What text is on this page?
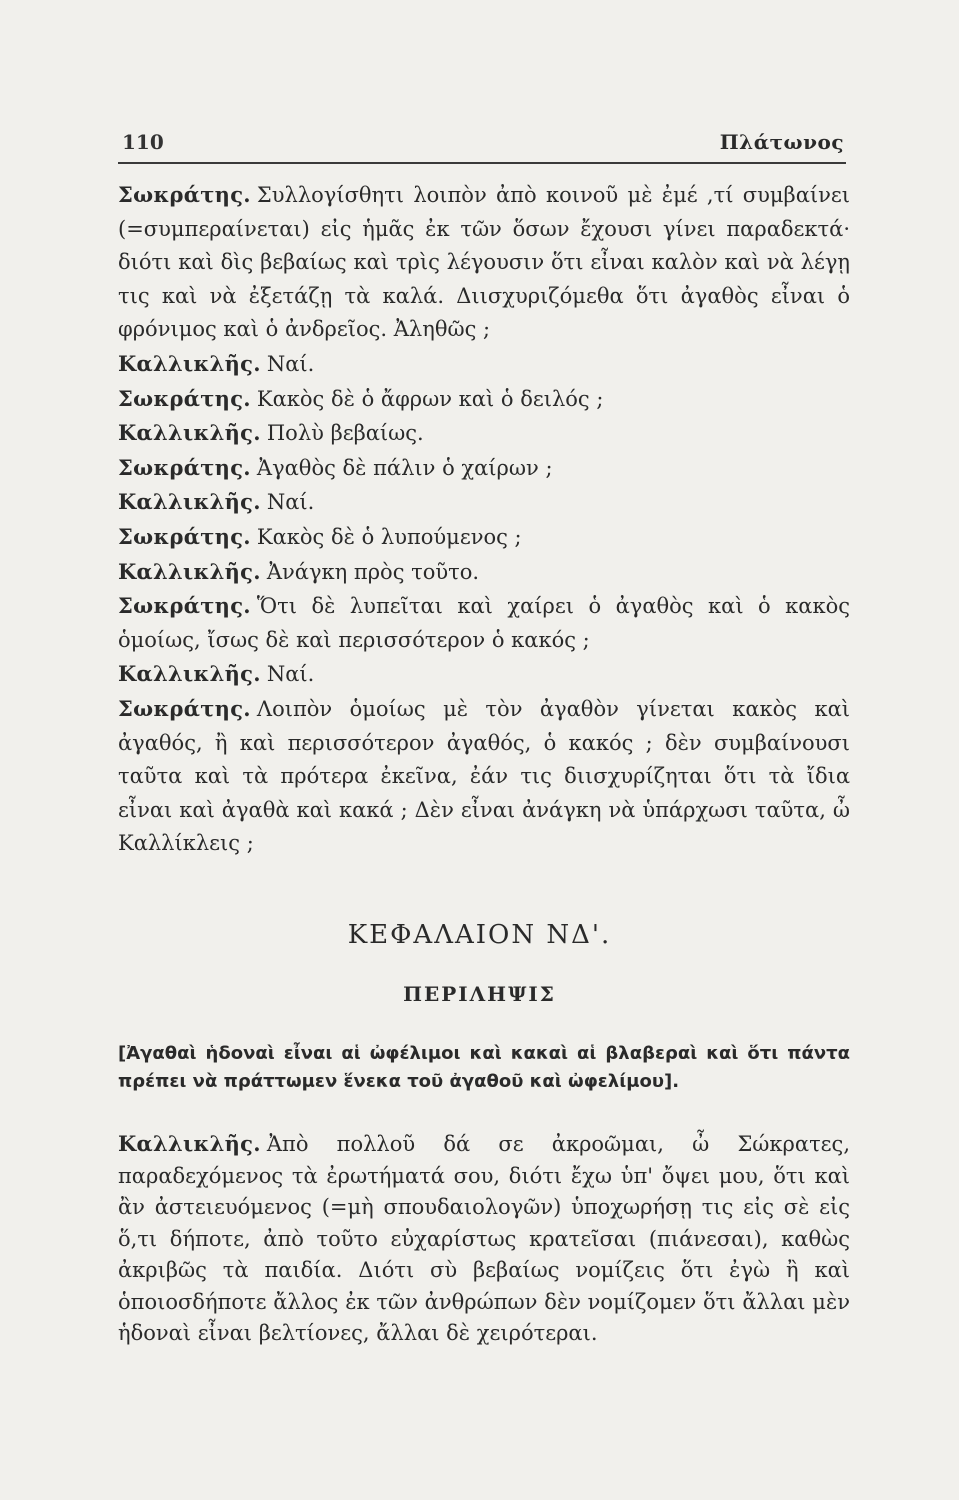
110	Πλάτωνος

Σωκράτης. Συλλογίσθητι λοιπὸν ἀπὸ κοινοῦ μὲ ἐμέ ,τί συμβαίνει (=συμπεραίνεται) εἰς ἡμᾶς ἐκ τῶν ὅσων ἔχουσι γίνει παραδεκτά· διότι καὶ δὶς βεβαίως καὶ τρὶς λέγουσιν ὅτι εἶναι καλὸν καὶ νὰ λέγῃ τις καὶ νὰ ἐξετάζῃ τὰ καλά. Διισχυριζόμεθα ὅτι ἀγαθὸς εἶναι ὁ φρόνιμος καὶ ὁ ἀνδρεῖος. Ἀληθῶς ;

Καλλικλῆς. Ναί.

Σωκράτης. Κακὸς δὲ ὁ ἄφρων καὶ ὁ δειλός ;

Καλλικλῆς. Πολὺ βεβαίως.

Σωκράτης. Ἀγαθὸς δὲ πάλιν ὁ χαίρων ;

Καλλικλῆς. Ναί.

Σωκράτης. Κακὸς δὲ ὁ λυπούμενος ;

Καλλικλῆς. Ἀνάγκη πρὸς τοῦτο.

Σωκράτης. Ὅτι δὲ λυπεῖται καὶ χαίρει ὁ ἀγαθὸς καὶ ὁ κακὸς ὁμοίως, ἴσως δὲ καὶ περισσότερον ὁ κακός ;

Καλλικλῆς. Ναί.

Σωκράτης. Λοιπὸν ὁμοίως μὲ τὸν ἀγαθὸν γίνεται κακὸς καὶ ἀγαθός, ἢ καὶ περισσότερον ἀγαθός, ὁ κακός ; δὲν συμβαίνουσι ταῦτα καὶ τὰ πρότερα ἐκεῖνα, ἐάν τις διισχυρίζηται ὅτι τὰ ἴδια εἶναι καὶ ἀγαθὰ καὶ κακά ; Δὲν εἶναι ἀνάγκη νὰ ὑπάρχωσι ταῦτα, ὦ Καλλίκλεις ;

ΚΕΦΑΛΑΙΟΝ ΝΔ'.
ΠΕΡΙΛΗΨΙΣ
[Ἀγαθαὶ ἡδοναὶ εἶναι αἱ ὠφέλιμοι καὶ κακαὶ αἱ βλαβεραὶ καὶ ὅτι πάντα πρέπει νὰ πράττωμεν ἕνεκα τοῦ ἀγαθοῦ καὶ ὠφελίμου].

Καλλικλῆς. Ἀπὸ πολλοῦ δά σε ἀκροῶμαι, ὦ Σώκρατες, παραδεχόμενος τὰ ἐρωτήματά σου, διότι ἔχω ὑπ' ὄψει μου, ὅτι καὶ ἂν ἀστειευόμενος (=μὴ σπουδαιολογῶν) ὑποχωρήσῃ τις εἰς σὲ εἰς ὅ,τι δήποτε, ἀπὸ τοῦτο εὐχαρίστως κρατεῖσαι (πιάνεσαι), καθὼς ἀκριβῶς τὰ παιδία. Διότι σὺ βεβαίως νομίζεις ὅτι ἐγὼ ἢ καὶ ὁποιοσδήποτε ἄλλος ἐκ τῶν ἀνθρώπων δὲν νομίζομεν ὅτι ἄλλαι μὲν ἡδοναὶ εἶναι βελτίονες, ἄλλαι δὲ χειρότεραι.
